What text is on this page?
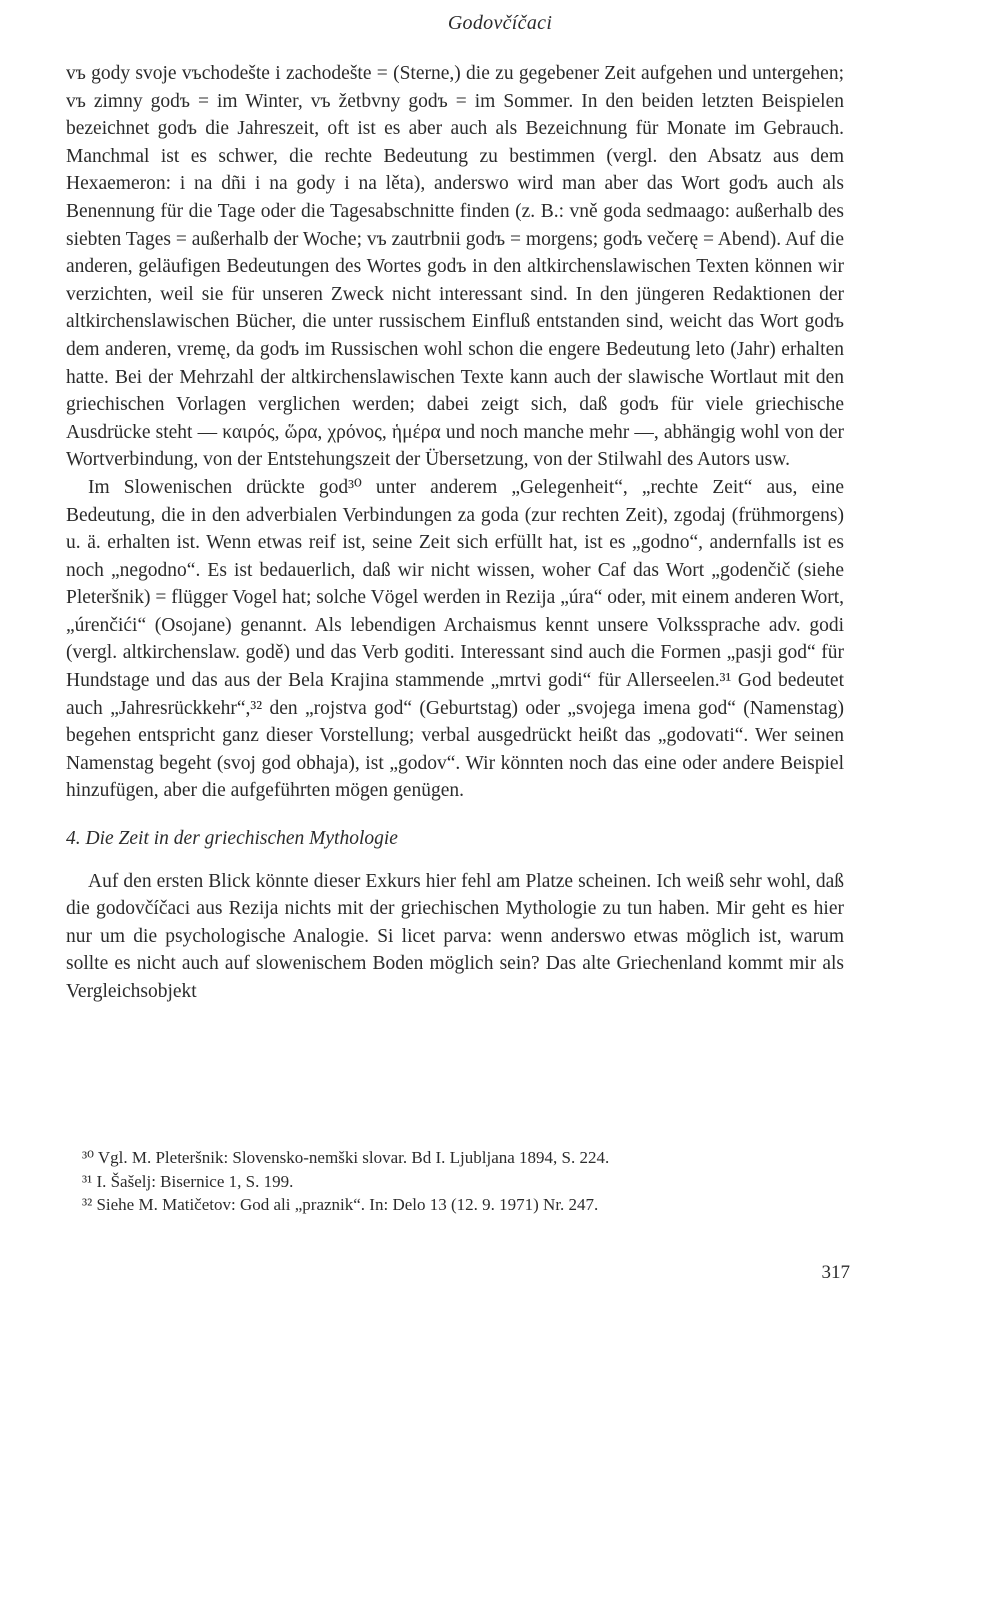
Godovčíčaci

vъ gody svoje vъchodešte i zachodešte = (Sterne,) die zu gegebener Zeit aufgehen und untergehen; vъ zimny godъ = im Winter, vъ žetbvny godъ = im Sommer. In den beiden letzten Beispielen bezeichnet godъ die Jahreszeit, oft ist es aber auch als Bezeichnung für Monate im Gebrauch. Manchmal ist es schwer, die rechte Bedeutung zu bestimmen (vergl. den Absatz aus dem Hexaemeron: i na dñi i na gody i na lěta), anderswo wird man aber das Wort godъ auch als Benennung für die Tage oder die Tagesabschnitte finden (z. B.: vně goda sedmaago: außerhalb des siebten Tages = außerhalb der Woche; vъ zautrbnii godъ = morgens; godъ večerę = Abend). Auf die anderen, geläufigen Bedeutungen des Wortes godъ in den altkirchenslawischen Texten können wir verzichten, weil sie für unseren Zweck nicht interessant sind. In den jüngeren Redaktionen der altkirchenslawischen Bücher, die unter russischem Einfluß entstanden sind, weicht das Wort godъ dem anderen, vremę, da godъ im Russischen wohl schon die engere Bedeutung leto (Jahr) erhalten hatte. Bei der Mehrzahl der altkirchenslawischen Texte kann auch der slawische Wortlaut mit den griechischen Vorlagen verglichen werden; dabei zeigt sich, daß godъ für viele griechische Ausdrücke steht — καιρός, ὥρα, χρόνος, ἡμέρα und noch manche mehr —, abhängig wohl von der Wortverbindung, von der Entstehungszeit der Übersetzung, von der Stilwahl des Autors usw.

Im Slowenischen drückte god³⁰ unter anderem „Gelegenheit“, „rechte Zeit“ aus, eine Bedeutung, die in den adverbialen Verbindungen za goda (zur rechten Zeit), zgodaj (frühmorgens) u. ä. erhalten ist. Wenn etwas reif ist, seine Zeit sich erfüllt hat, ist es „godno“, andernfalls ist es noch „negodno“. Es ist bedauerlich, daß wir nicht wissen, woher Caf das Wort „godenčič (siehe Pleteršnik) = flügger Vogel hat; solche Vögel werden in Rezija „úra“ oder, mit einem anderen Wort, „úrenčići“ (Osojane) genannt. Als lebendigen Archaismus kennt unsere Volkssprache adv. godi (vergl. altkirchenslaw. godě) und das Verb goditi. Interessant sind auch die Formen „pasji god“ für Hundstage und das aus der Bela Krajina stammende „mrtvi godi“ für Allerseelen.³¹ God bedeutet auch „Jahresrückkehr“,³² den „rojstva god“ (Geburtstag) oder „svojega imena god“ (Namenstag) begehen entspricht ganz dieser Vorstellung; verbal ausgedrückt heißt das „godovati“. Wer seinen Namenstag begeht (svoj god obhaja), ist „godov“. Wir könnten noch das eine oder andere Beispiel hinzufügen, aber die aufgeführten mögen genügen.

4. Die Zeit in der griechischen Mythologie

Auf den ersten Blick könnte dieser Exkurs hier fehl am Platze scheinen. Ich weiß sehr wohl, daß die godovčíčaci aus Rezija nichts mit der griechischen Mythologie zu tun haben. Mir geht es hier nur um die psychologische Analogie. Si licet parva: wenn anderswo etwas möglich ist, warum sollte es nicht auch auf slowenischem Boden möglich sein? Das alte Griechenland kommt mir als Vergleichsobjekt

³⁰ Vgl. M. Pleteršnik: Slovensko-nemški slovar. Bd I. Ljubljana 1894, S. 224.
³¹ I. Šašelj: Bisernice 1, S. 199.
³² Siehe M. Matičetov: God ali „praznik“. In: Delo 13 (12. 9. 1971) Nr. 247.
317
